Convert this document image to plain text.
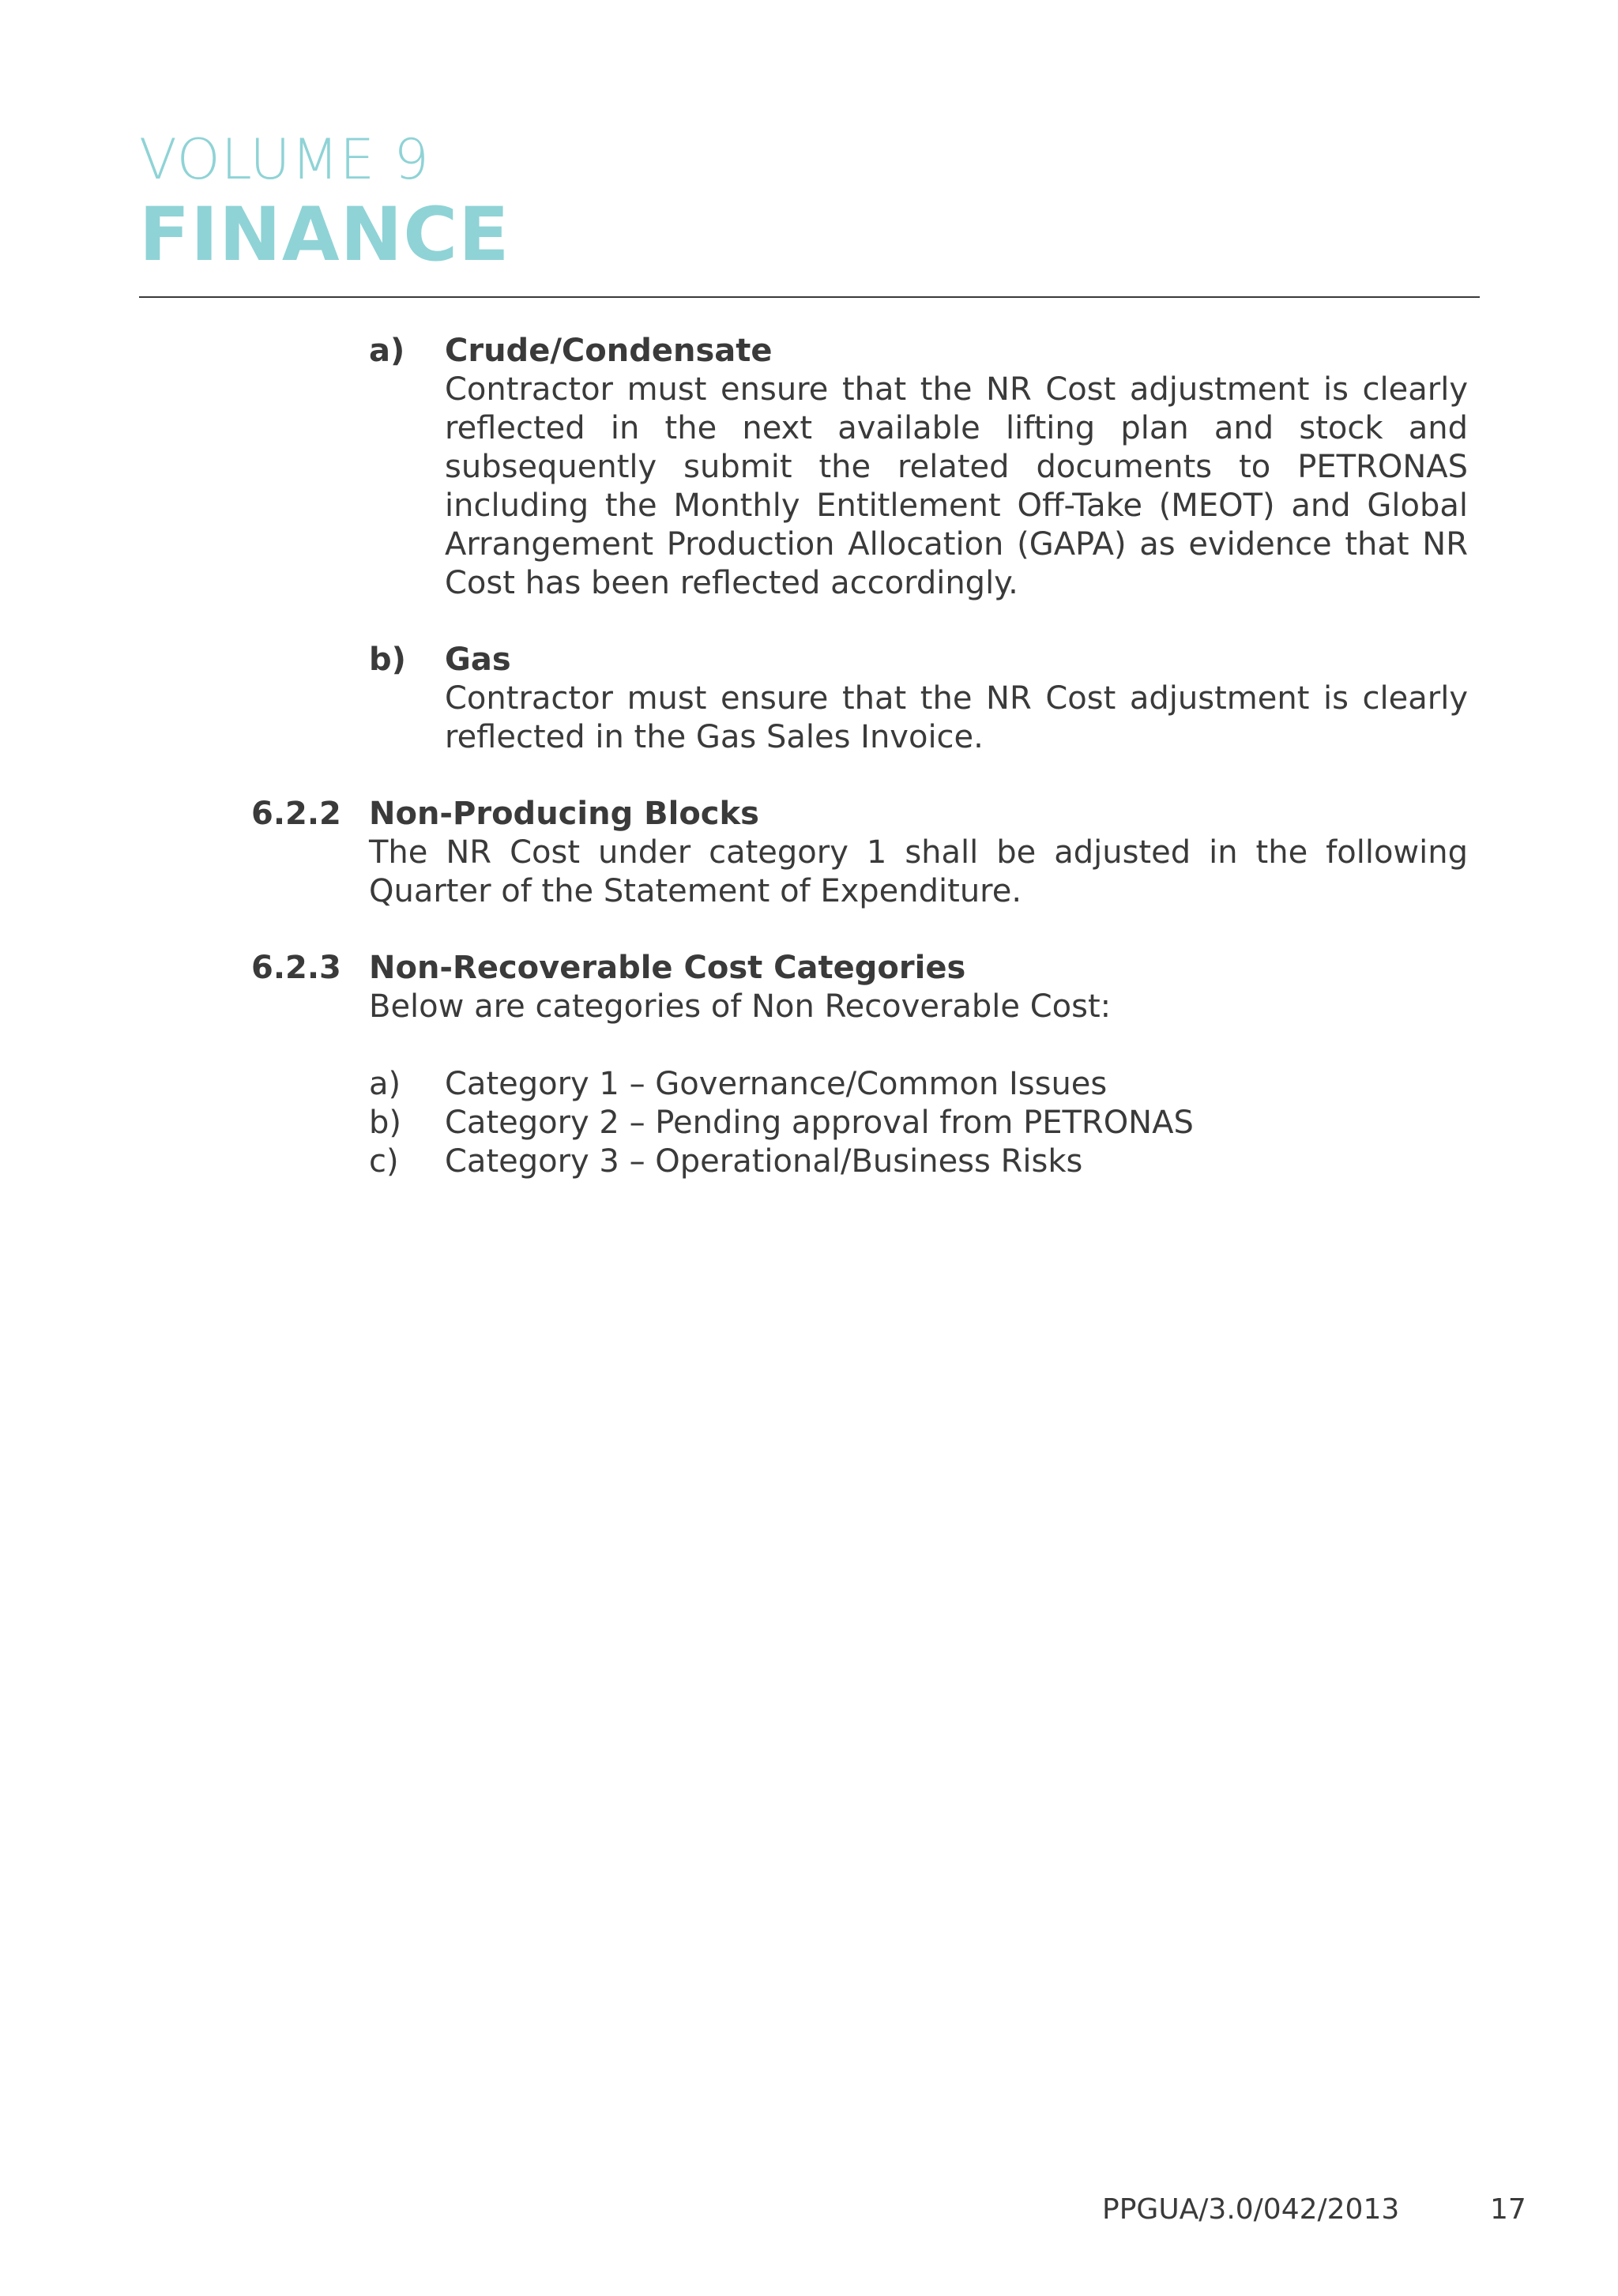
VOLUME 9
FINANCE
a) Crude/Condensate
Contractor must ensure that the NR Cost adjustment is clearly reflected in the next available lifting plan and stock and subsequently submit the related documents to PETRONAS including the Monthly Entitlement Off-Take (MEOT) and Global Arrangement Production Allocation (GAPA) as evidence that NR Cost has been reflected accordingly.
b) Gas
Contractor must ensure that the NR Cost adjustment is clearly reflected in the Gas Sales Invoice.
6.2.2 Non-Producing Blocks
The NR Cost under category 1 shall be adjusted in the following Quarter of the Statement of Expenditure.
6.2.3 Non-Recoverable Cost Categories
Below are categories of Non Recoverable Cost:
a) Category 1 – Governance/Common Issues
b) Category 2 – Pending approval from PETRONAS
c) Category 3 – Operational/Business Risks
PPGUA/3.0/042/2013	17
